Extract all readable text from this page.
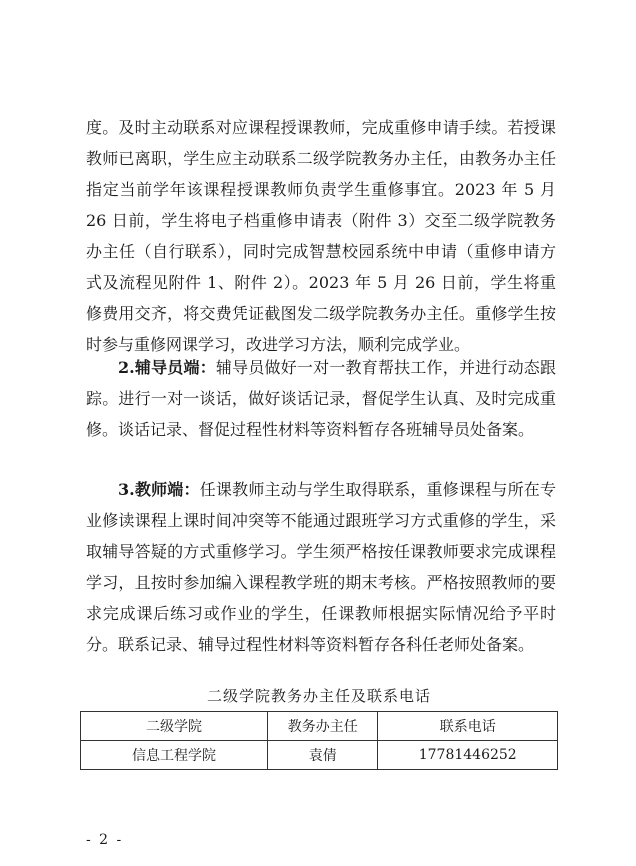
度。及时主动联系对应课程授课教师，完成重修申请手续。若授课教师已离职，学生应主动联系二级学院教务办主任，由教务办主任指定当前学年该课程授课教师负责学生重修事宜。2023 年 5 月 26 日前，学生将电子档重修申请表（附件 3）交至二级学院教务办主任（自行联系），同时完成智慧校园系统中申请（重修申请方式及流程见附件 1、附件 2）。2023 年 5 月 26 日前，学生将重修费用交齐，将交费凭证截图发二级学院教务办主任。重修学生按时参与重修网课学习，改进学习方法，顺利完成学业。

2.辅导员端：辅导员做好一对一教育帮扶工作，并进行动态跟踪。进行一对一谈话，做好谈话记录，督促学生认真、及时完成重修。谈话记录、督促过程性材料等资料暂存各班辅导员处备案。

3.教师端：任课教师主动与学生取得联系，重修课程与所在专业修读课程上课时间冲突等不能通过跟班学习方式重修的学生，采取辅导答疑的方式重修学习。学生须严格按任课教师要求完成课程学习，且按时参加编入课程教学班的期末考核。严格按照教师的要求完成课后练习或作业的学生，任课教师根据实际情况给予平时分。联系记录、辅导过程性材料等资料暂存各科任老师处备案。

二级学院教务办主任及联系电话
二级学院	教务办主任	联系电话
信息工程学院	袁倩	17781446252
- 2 -
